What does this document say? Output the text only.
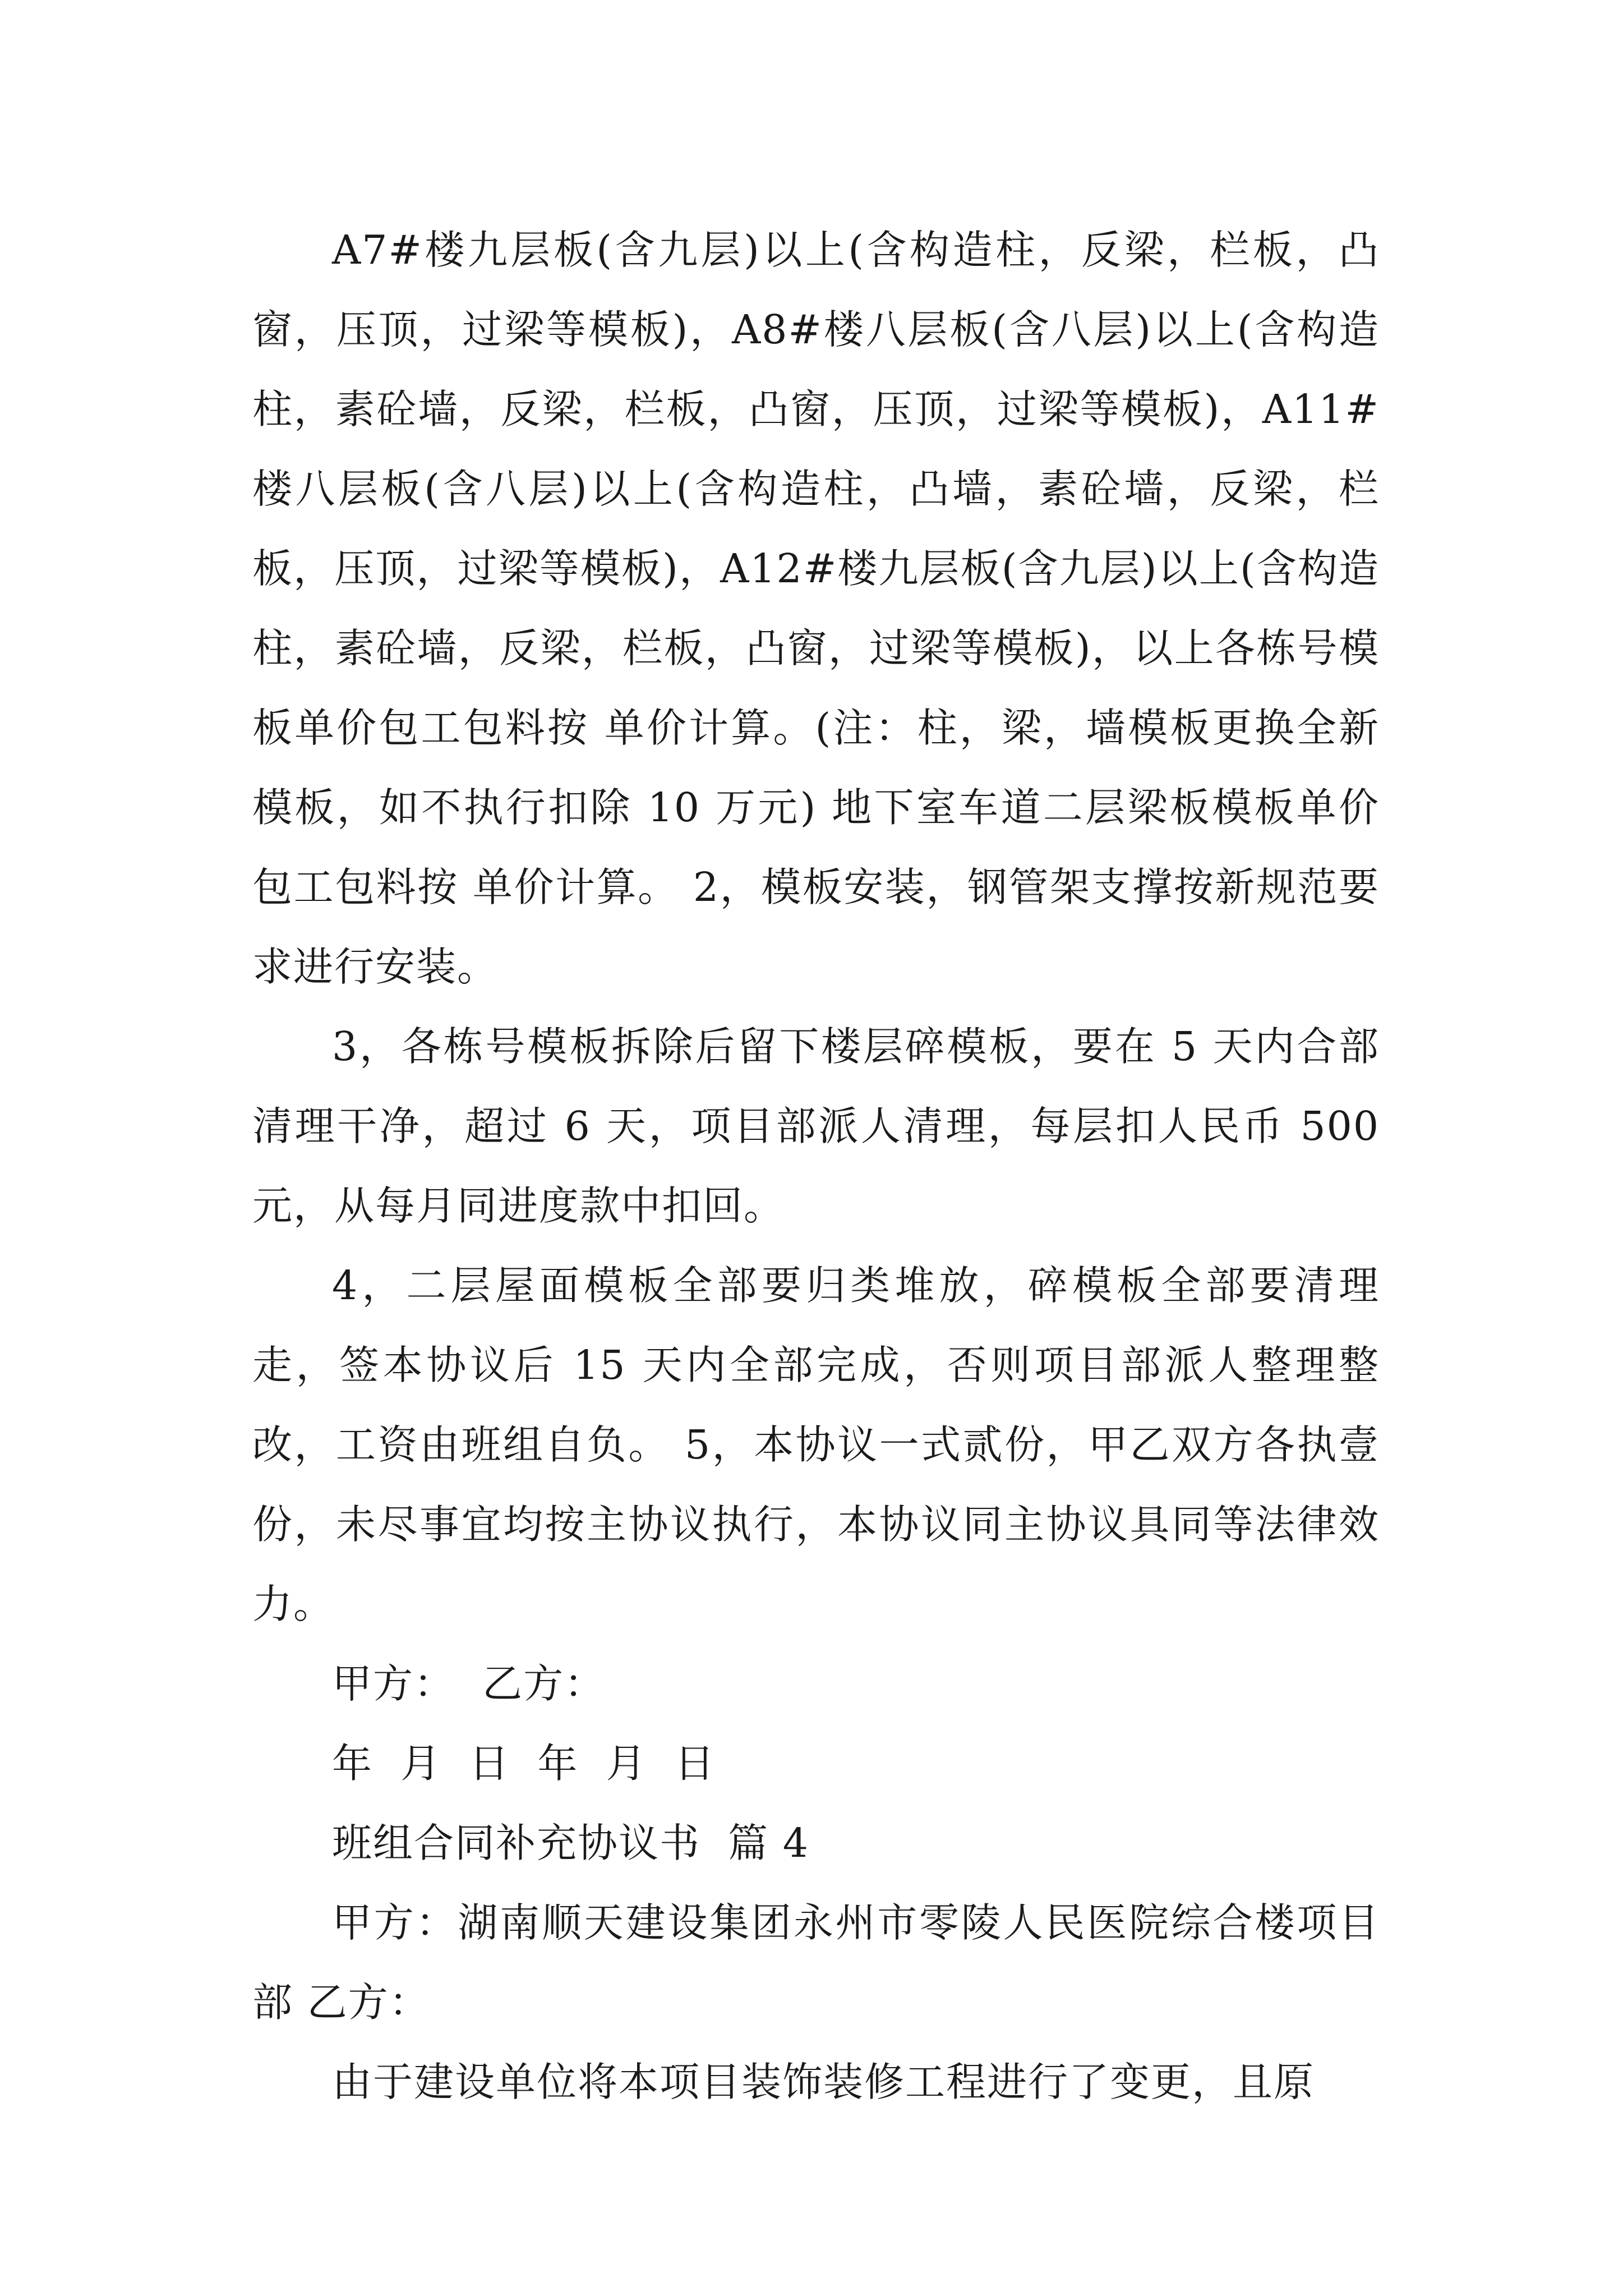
A7#楼九层板(含九层)以上(含构造柱，反梁，栏板，凸窗，压顶，过梁等模板)，A8#楼八层板(含八层)以上(含构造柱，素砼墙，反梁，栏板，凸窗，压顶，过梁等模板)，A11#楼八层板(含八层)以上(含构造柱，凸墙，素砼墙，反梁，栏板，压顶，过梁等模板)，A12#楼九层板(含九层)以上(含构造柱，素砼墙，反梁，栏板，凸窗，过梁等模板)，以上各栋号模板单价包工包料按 单价计算。(注：柱，梁，墙模板更换全新模板，如不执行扣除 10 万元) 地下室车道二层梁板模板单价包工包料按 单价计算。 2，模板安装，钢管架支撑按新规范要求进行安装。

3，各栋号模板拆除后留下楼层碎模板，要在 5 天内合部清理干净，超过 6 天，项目部派人清理，每层扣人民币 500 元，从每月同进度款中扣回。

4，二层屋面模板全部要归类堆放，碎模板全部要清理走，签本协议后 15 天内全部完成，否则项目部派人整理整改，工资由班组自负。 5，本协议一式贰份，甲乙双方各执壹份，未尽事宜均按主协议执行，本协议同主协议具同等法律效力。

甲方：  乙方：

年  月  日  年  月  日

班组合同补充协议书  篇 4

甲方：湖南顺天建设集团永州市零陵人民医院综合楼项目部 乙方：

由于建设单位将本项目装饰装修工程进行了变更，且原
